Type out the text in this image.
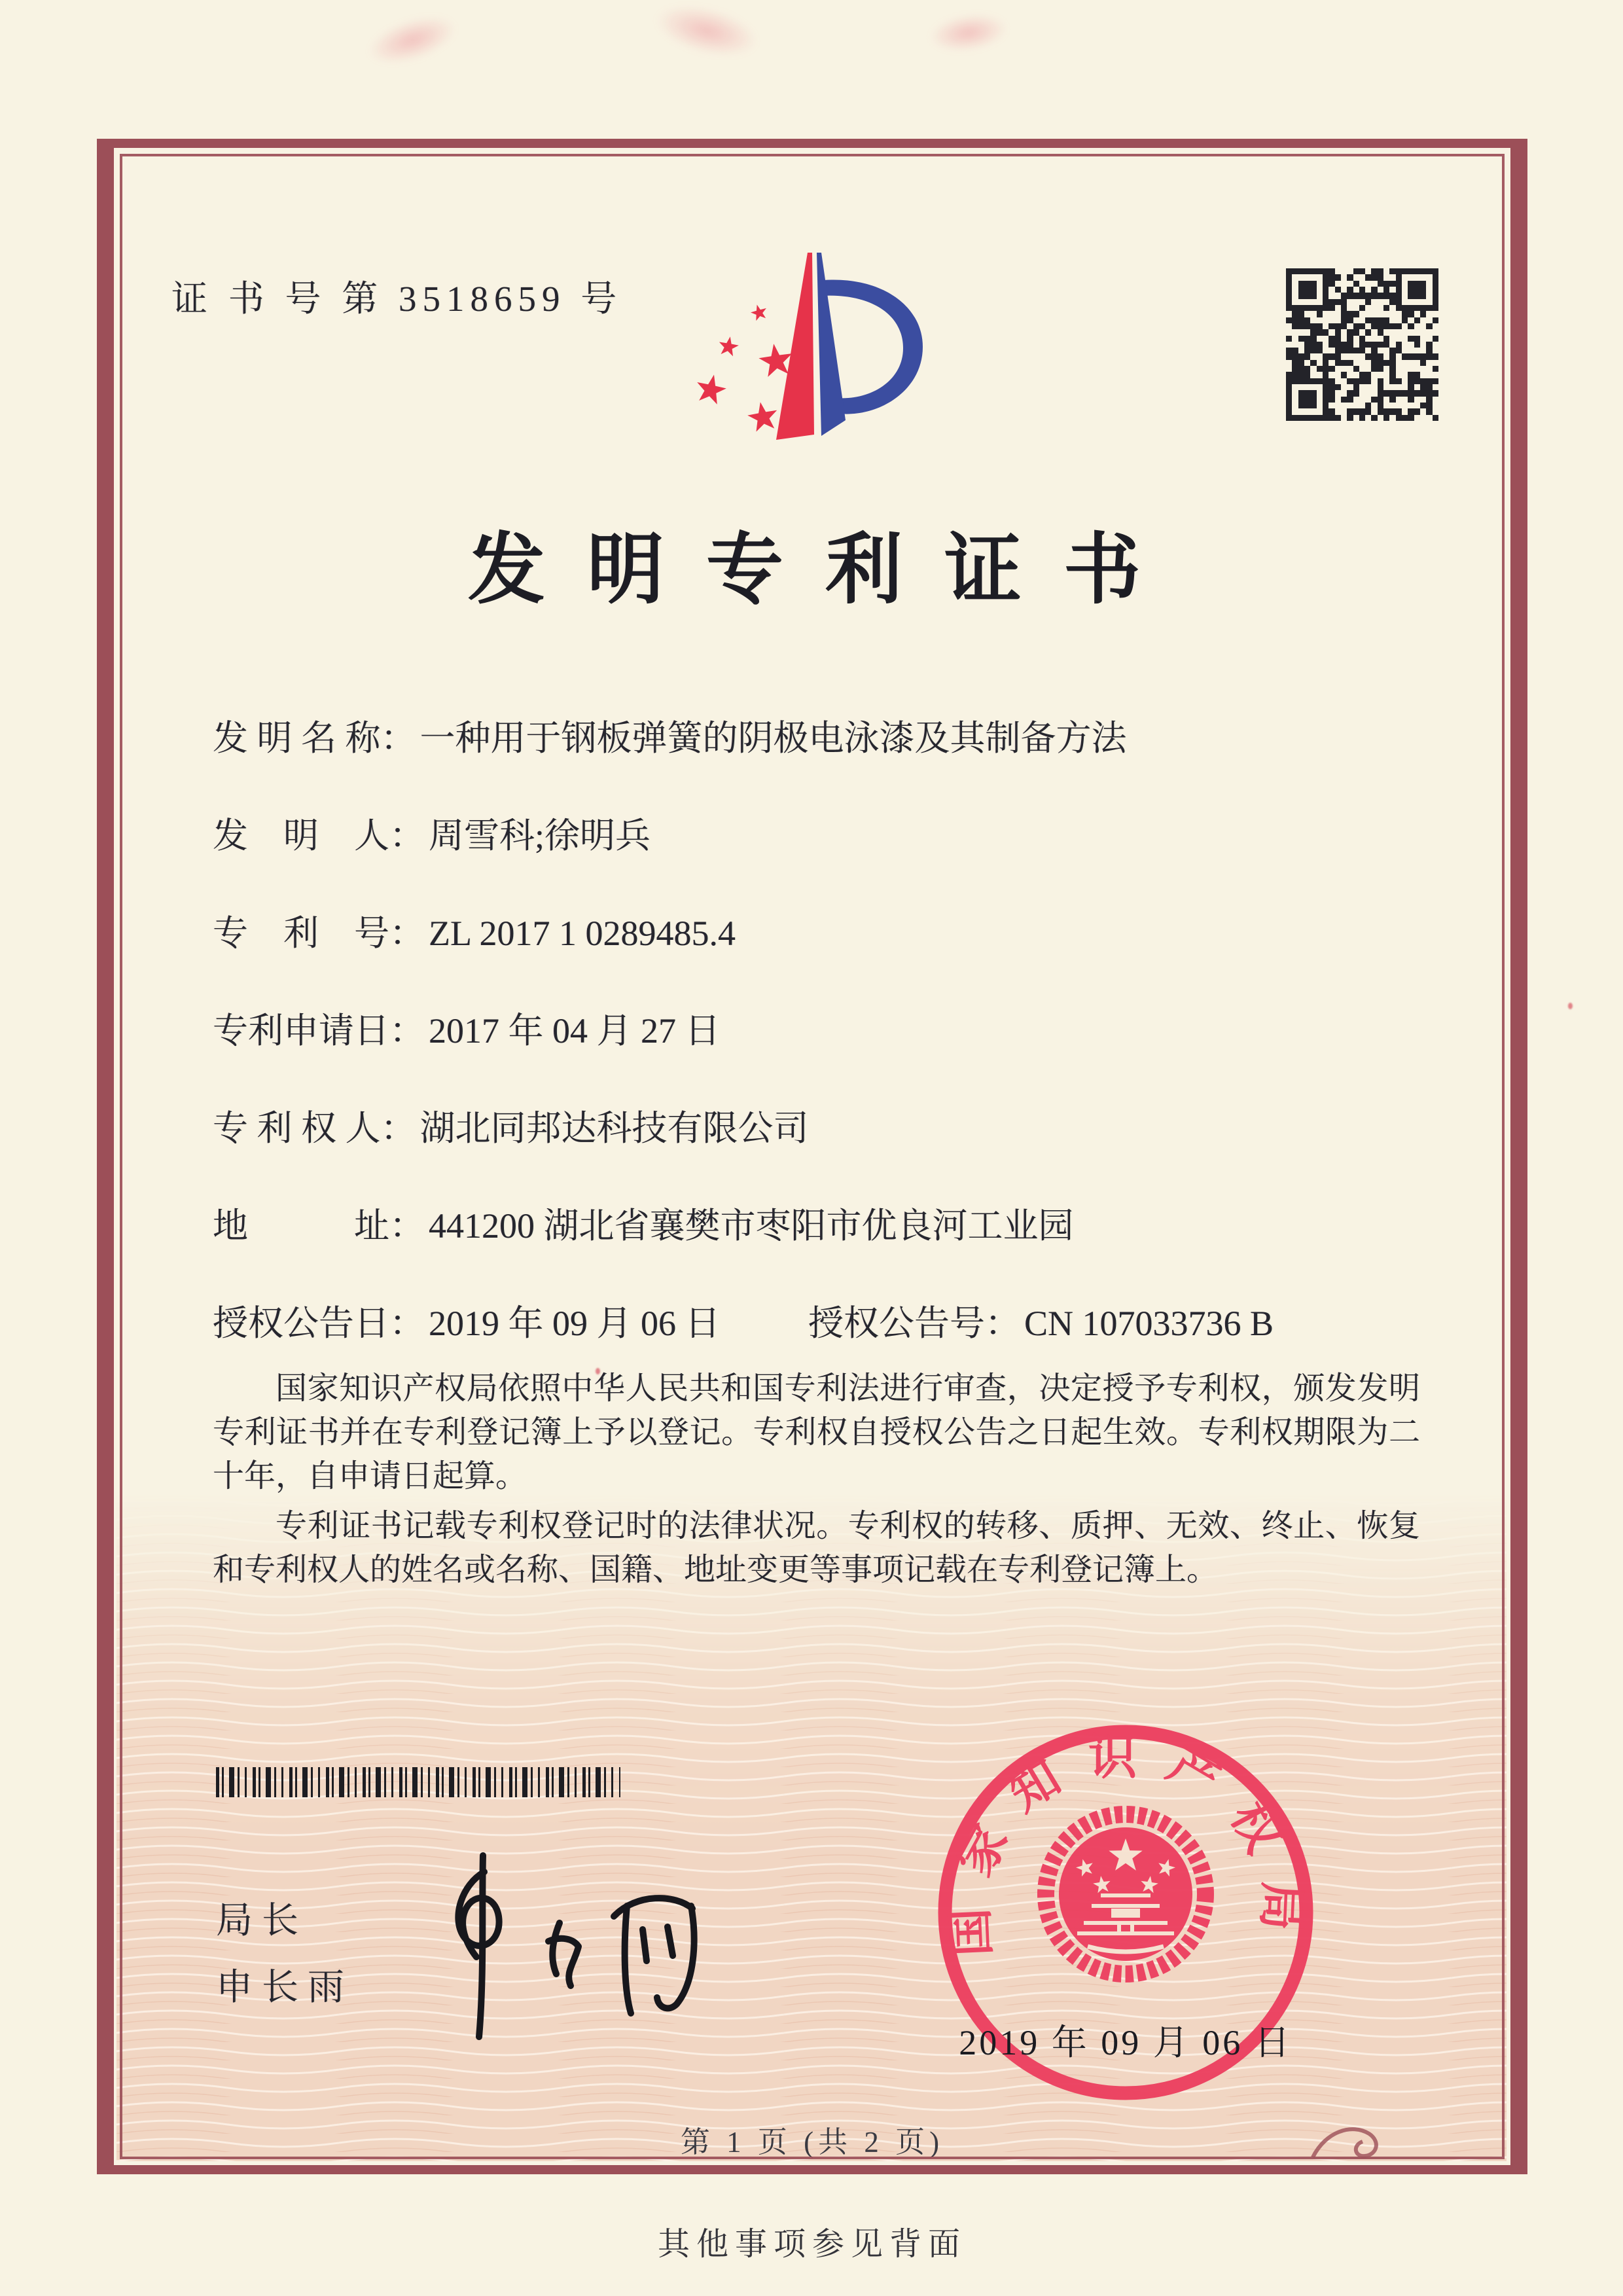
证 书 号 第 3518659 号
发明专利证书
发 明 名 称： 一种用于钢板弹簧的阴极电泳漆及其制备方法
发　明　人： 周雪科;徐明兵
专　利　号： ZL 2017 1 0289485.4
专利申请日： 2017 年 04 月 27 日
专 利 权 人： 湖北同邦达科技有限公司
地　　　址： 441200 湖北省襄樊市枣阳市优良河工业园
授权公告日： 2019 年 09 月 06 日 授权公告号： CN 107033736 B

国家知识产权局依照中华人民共和国专利法进行审查，决定授予专利权，颁发发明专利证书并在专利登记簿上予以登记。专利权自授权公告之日起生效。专利权期限为二十年，自申请日起算。

专利证书记载专利权登记时的法律状况。专利权的转移、质押、无效、终止、恢复和专利权人的姓名或名称、国籍、地址变更等事项记载在专利登记簿上。

局长
申长雨
国家知识产权局
2019 年 09 月 06 日
第 1 页 (共 2 页)
其他事项参见背面
